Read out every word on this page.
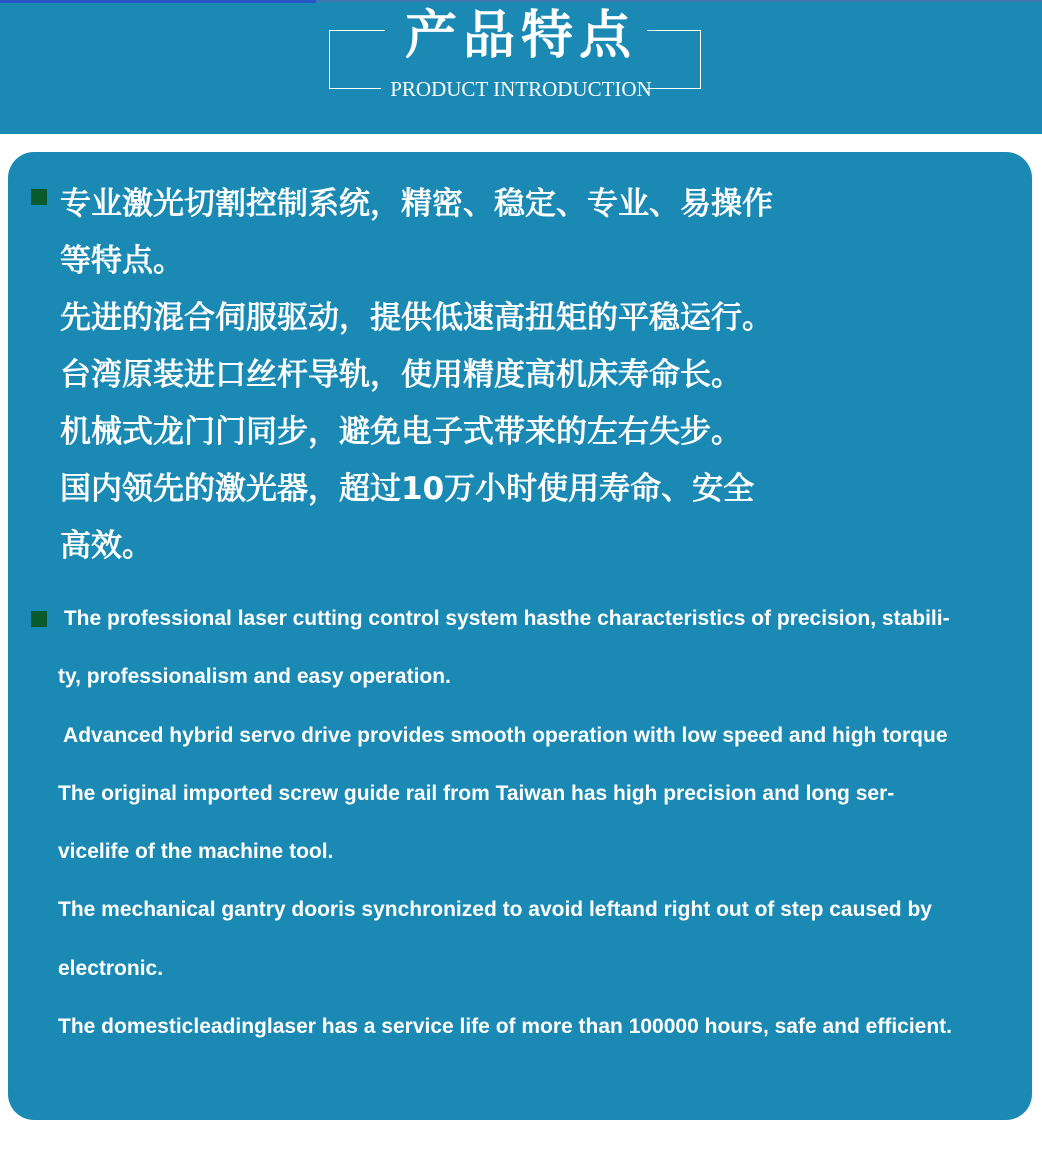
产品特点
PRODUCT INTRODUCTION
专业激光切割控制系统，精密、稳定、专业、易操作
等特点。
先进的混合伺服驱动，提供低速高扭矩的平稳运行。
台湾原装进口丝杆导轨，使用精度高机床寿命长。
机械式龙门门同步，避免电子式带来的左右失步。
国内领先的激光器，超过10万小时使用寿命、安全
高效。
The professional laser cutting control system hasthe characteristics of precision, stabili-
ty, professionalism and easy operation.
Advanced hybrid servo drive provides smooth operation with low speed and high torque
The original imported screw guide rail from Taiwan has high precision and long ser-
vicelife of the machine tool.
The mechanical gantry dooris synchronized to avoid leftand right out of step caused by
electronic.
The domesticleadinglaser has a service life of more than 100000 hours, safe and efficient.
